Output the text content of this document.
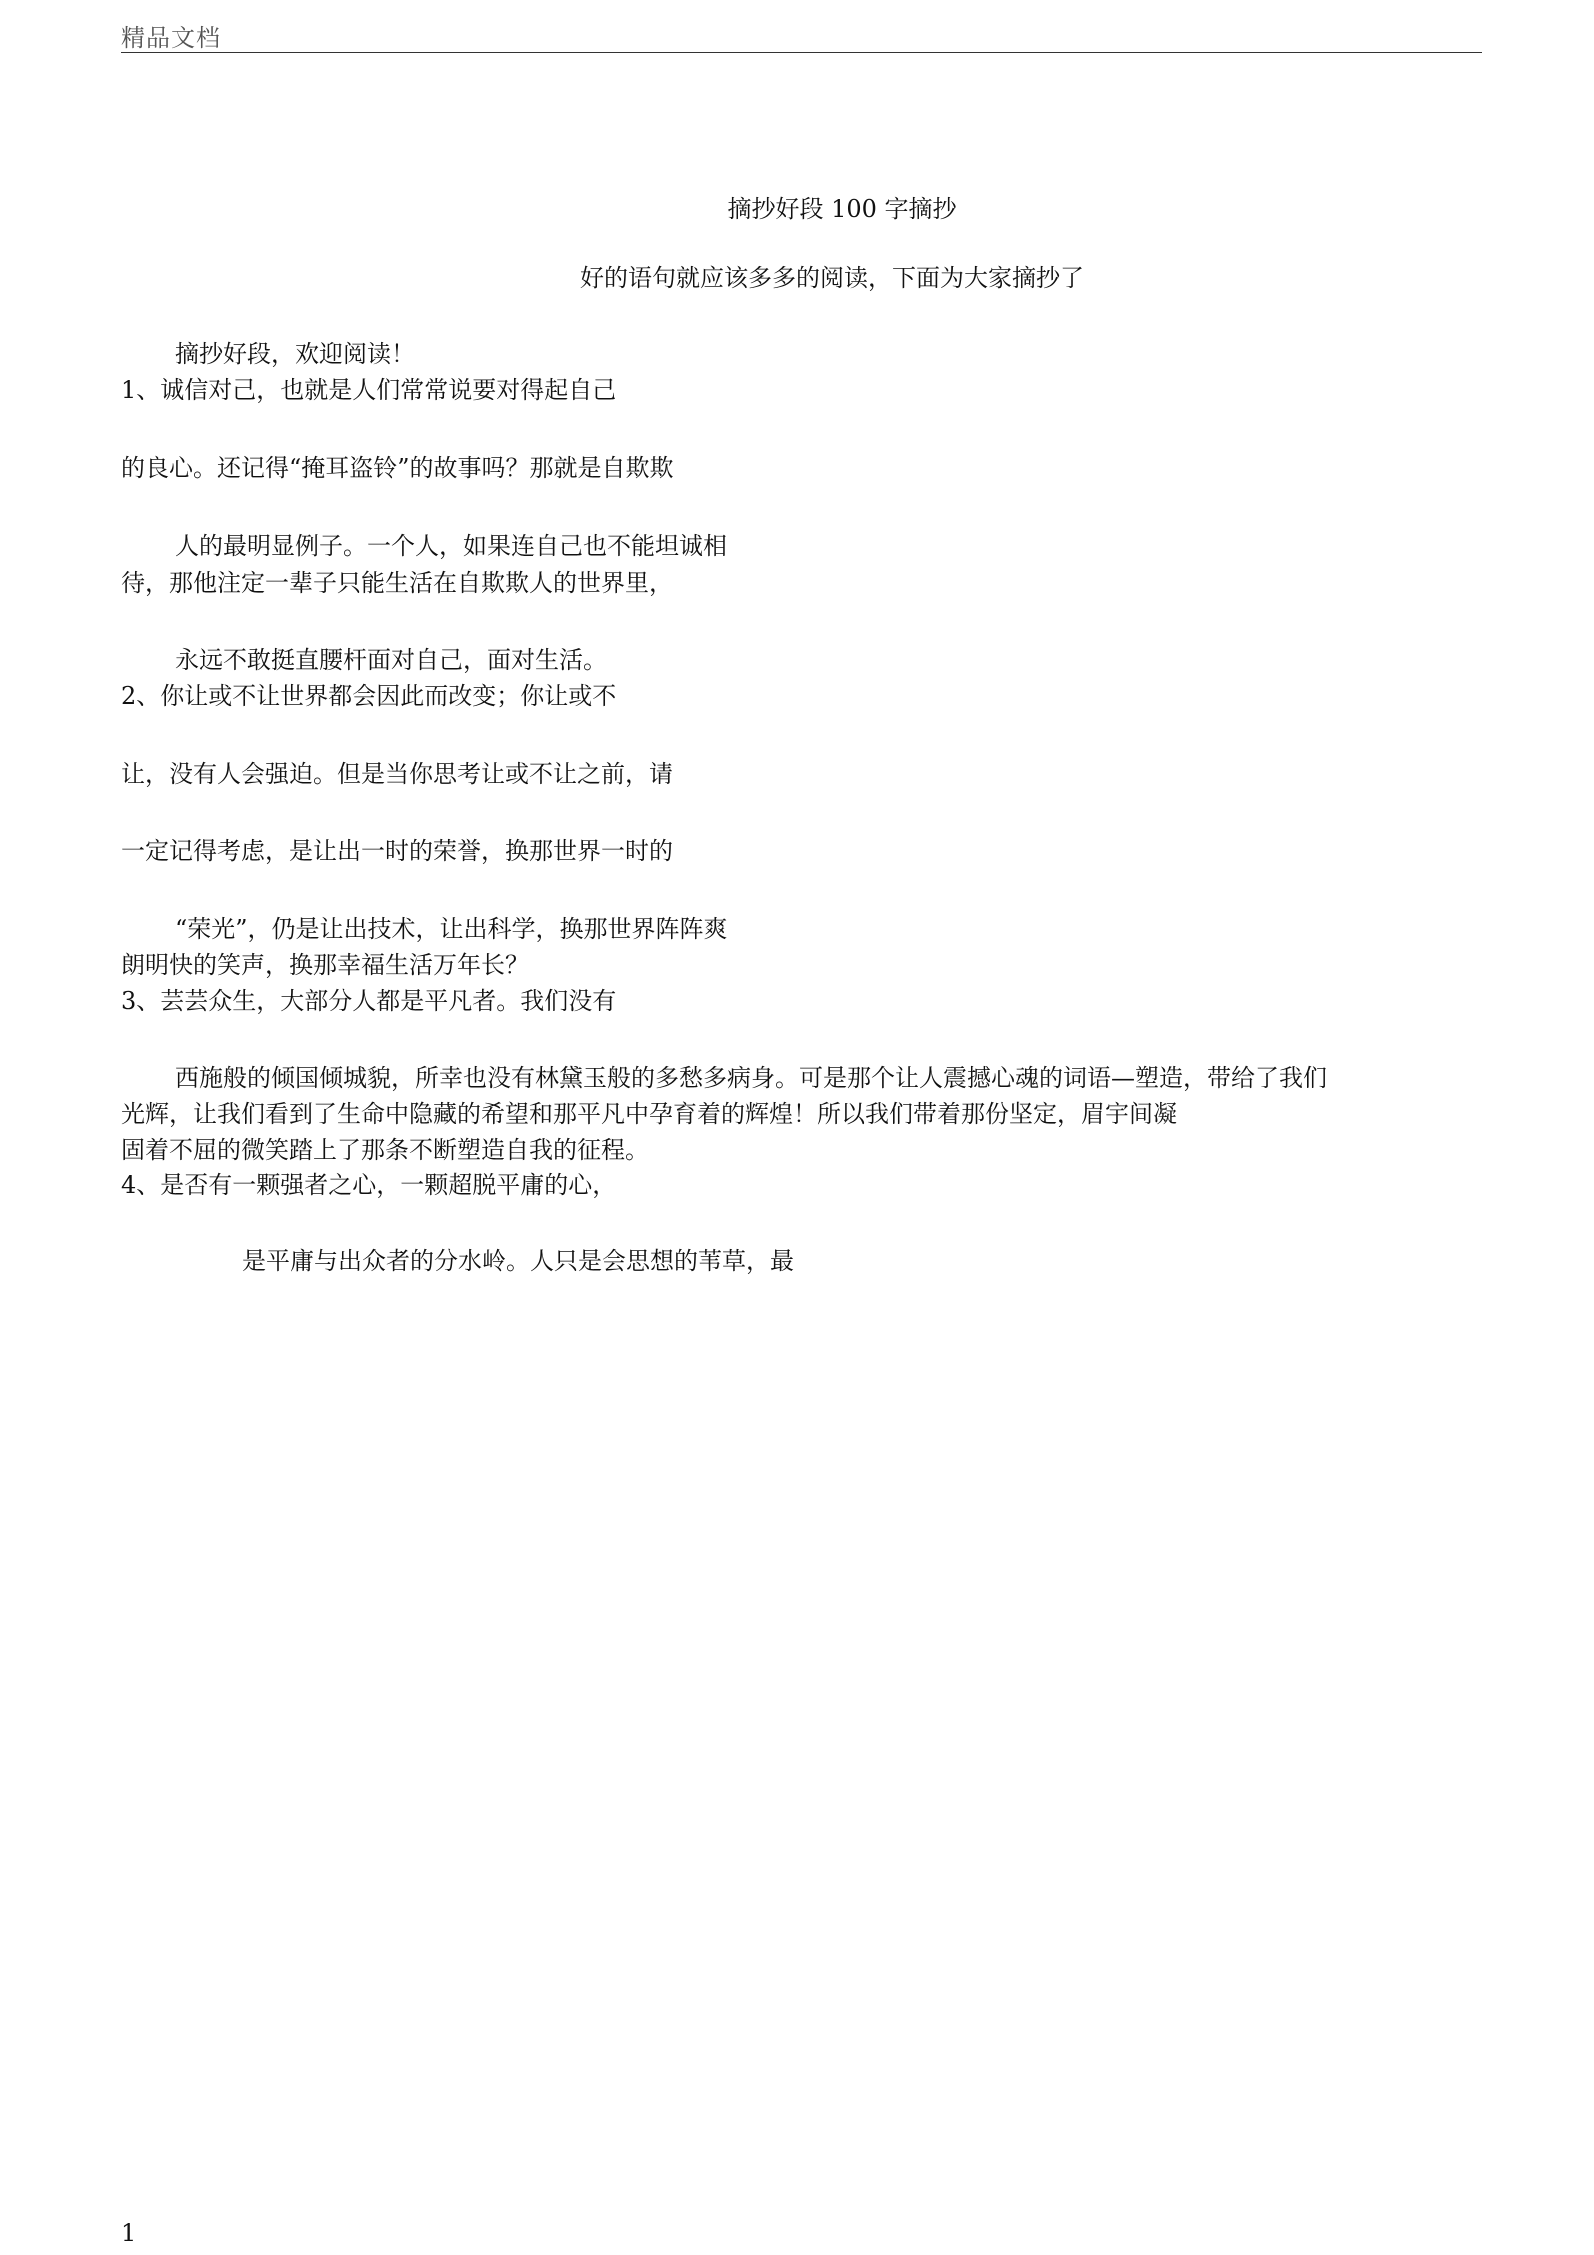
精品文档
摘抄好段 100 字摘抄
好的语句就应该多多的阅读，下面为大家摘抄了
摘抄好段，欢迎阅读！
1、诚信对己，也就是人们常常说要对得起自己
的良心。还记得“掩耳盗铃”的故事吗？那就是自欺欺
人的最明显例子。一个人，如果连自己也不能坦诚相
待，那他注定一辈子只能生活在自欺欺人的世界里，
永远不敢挺直腰杆面对自己，面对生活。
2、你让或不让世界都会因此而改变；你让或不
让，没有人会强迫。但是当你思考让或不让之前，请
一定记得考虑，是让出一时的荣誉，换那世界一时的
“荣光”，仍是让出技术，让出科学，换那世界阵阵爽
朗明快的笑声，换那幸福生活万年长？
3、芸芸众生，大部分人都是平凡者。我们没有
西施般的倾国倾城貌，所幸也没有林黛玉般的多愁多病身。可是那个让人震撼心魂的词语—塑造，带给了我们
光辉，让我们看到了生命中隐藏的希望和那平凡中孕育着的辉煌！所以我们带着那份坚定，眉宇间凝
固着不屈的微笑踏上了那条不断塑造自我的征程。
4、是否有一颗强者之心，一颗超脱平庸的心，
是平庸与出众者的分水岭。人只是会思想的苇草，最
1
